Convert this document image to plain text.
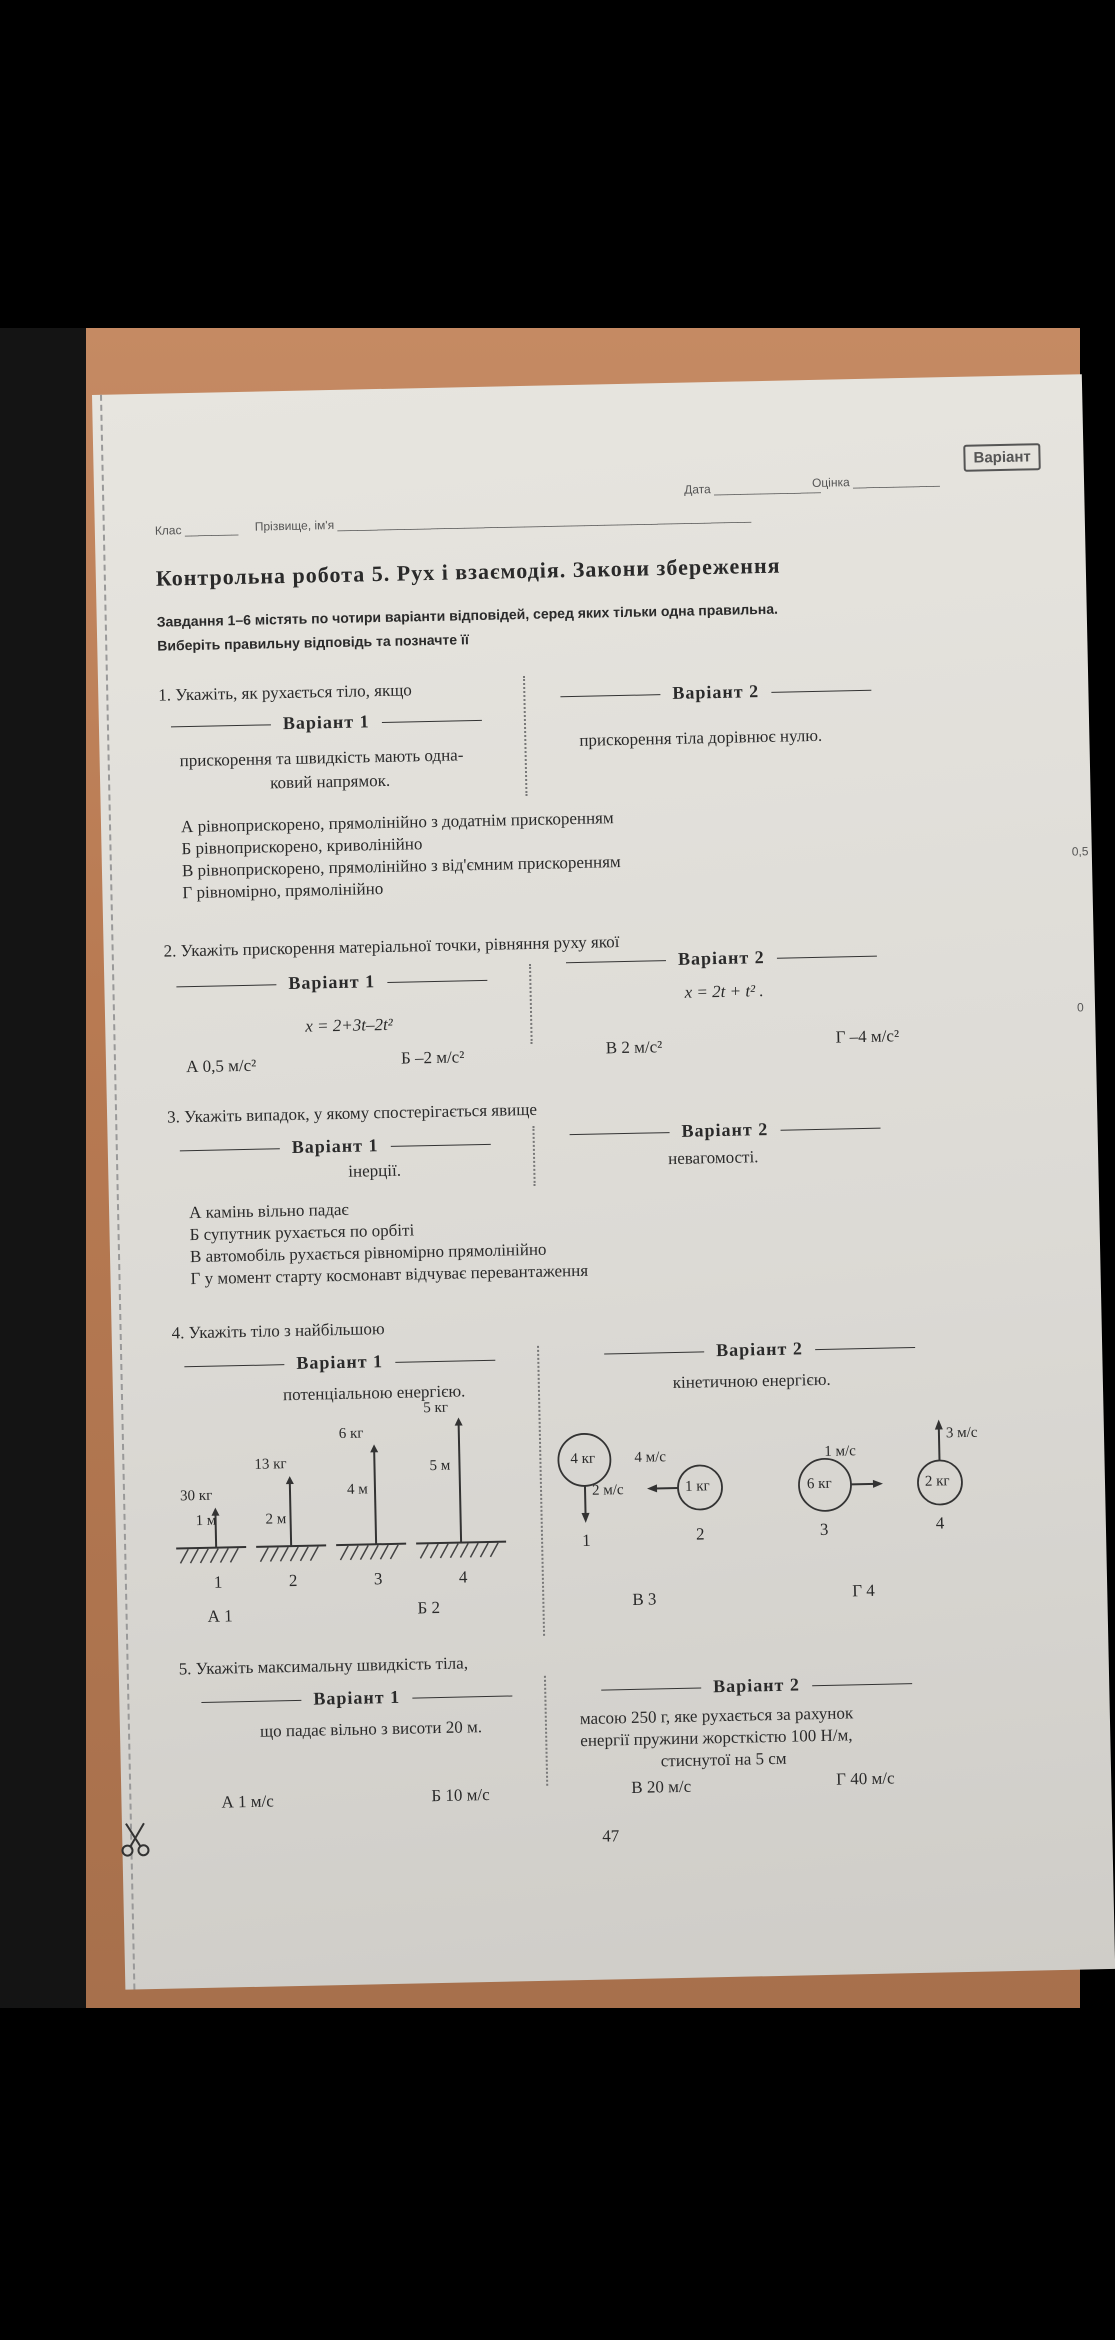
Клас ________ Прізвище, ім'я ______________________________________________________________
Дата ________________
Оцінка _____________
Варіант
Контрольна робота 5. Рух і взаємодія. Закони збереження
Завдання 1–6 містять по чотири варіанти відповідей, серед яких тільки одна правильна.
Виберіть правильну відповідь та позначте її
1. Укажіть, як рухається тіло, якщо
Варіант 1
Варіант 2
прискорення та швидкість мають одна-
ковий напрямок.
прискорення тіла дорівнює нулю.
А рівноприскорено, прямолінійно з додатнім прискоренням
Б рівноприскорено, криволінійно
В рівноприскорено, прямолінійно з від'ємним прискоренням
Г рівномірно, прямолінійно
2. Укажіть прискорення матеріальної точки, рівняння руху якої
Варіант 1
Варіант 2
x = 2+3t–2t²
x = 2t + t² .
А 0,5 м/с²	Б –2 м/с²
В 2 м/с²
Г –4 м/с²
3. Укажіть випадок, у якому спостерігається явище
Варіант 1
Варіант 2
інерції.
невагомості.
А камінь вільно падає
Б супутник рухається по орбіті
В автомобіль рухається рівномірно прямолінійно
Г у момент старту космонавт відчуває перевантаження
4. Укажіть тіло з найбільшою
Варіант 1
Варіант 2
потенціальною енергією.
кінетичною енергією.
30 кг
1 м
13 кг
2 м
6 кг
4 м
5 кг
5 м
1	2	3	4
4 кг
2 м/с	1 кг
4 м/с
6 кг
1 м/с
2 кг
3 м/с
1	2	3	4
А 1	Б 2	В 3	Г 4
5. Укажіть максимальну швидкість тіла,
Варіант 1
Варіант 2
що падає вільно з висоти 20 м.
масою 250 г, яке рухається за рахунок
енергії пружини жорсткістю 100 Н/м,
стиснутої на 5 см
А 1 м/с	Б 10 м/с	В 20 м/с	Г 40 м/с
47
0,5
0
